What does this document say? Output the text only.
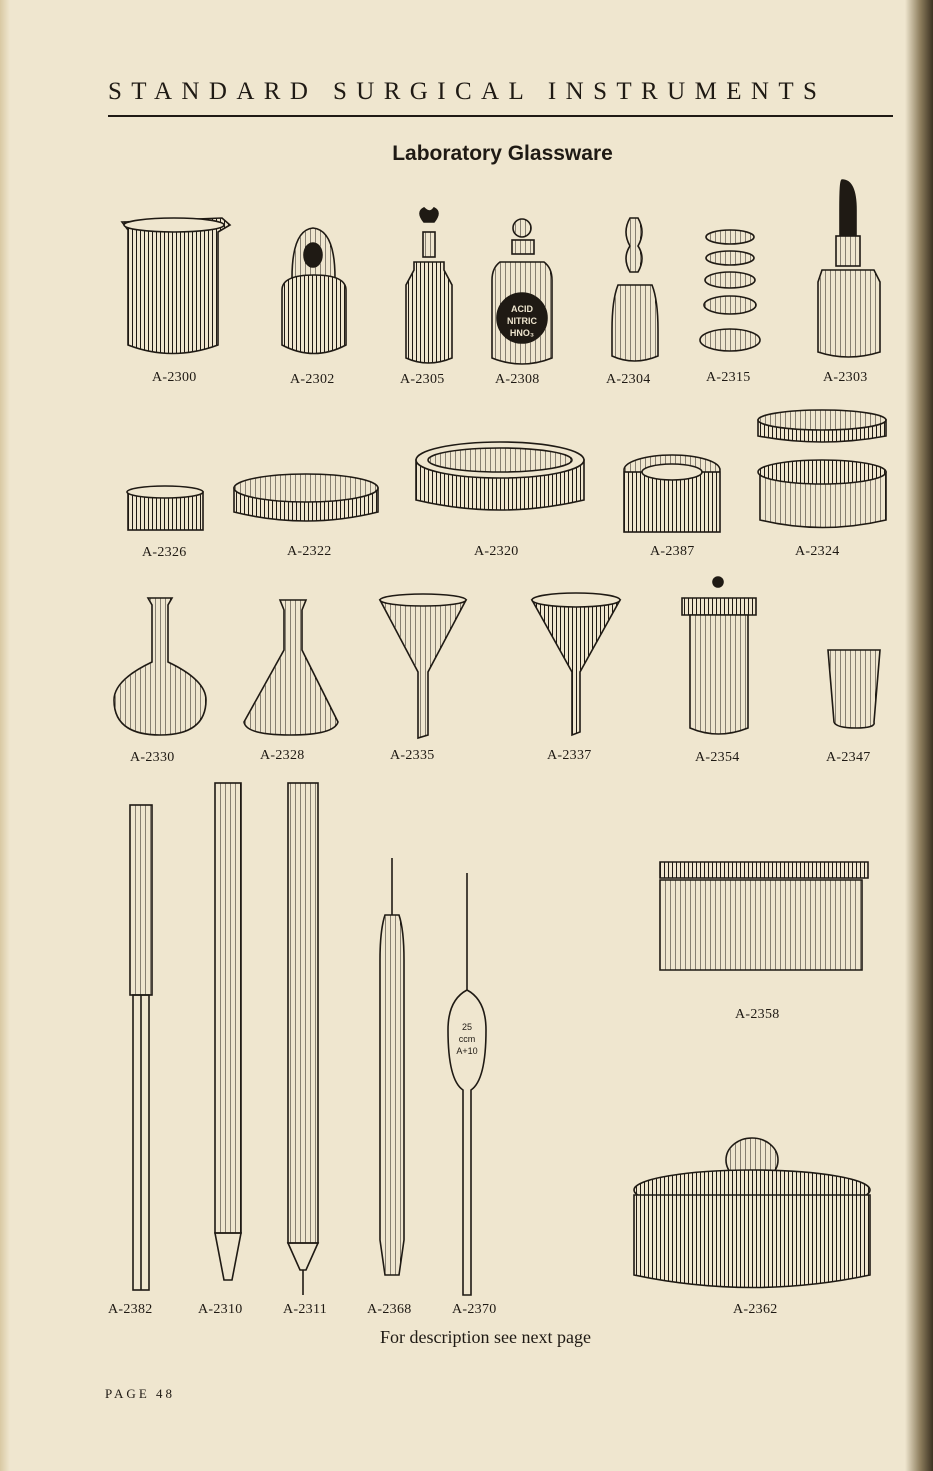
STANDARD SURGICAL INSTRUMENTS
Laboratory Glassware
ACID
NITRIC
HNO₃
25
ccm
A+10
A-2300	A-2302	A-2305	A-2308	A-2304	A-2315	A-2303
A-2326	A-2322	A-2320	A-2387	A-2324
A-2330	A-2328	A-2335	A-2337	A-2354	A-2347
A-2382	A-2310	A-2311	A-2368	A-2370
A-2358
A-2362
For description see next page
PAGE 48
